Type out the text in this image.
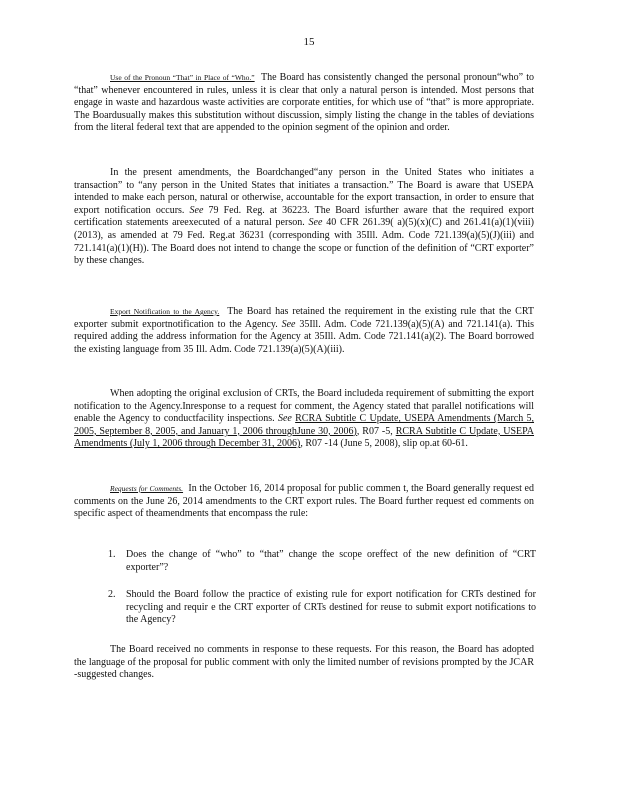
15

Use of the Pronoun “That” in Place of “Who.” The Board has consistently changed the personal pronoun“who” to “that” whenever encountered in rules, unless it is clear that only a natural person is intended. Most persons that engage in waste and hazardous waste activities are corporate entities, for which use of “that” is more appropriate. The Boardusually makes this substitution without discussion, simply listing the change in the tables of deviations from the literal federal text that are appended to the opinion segment of the opinion and order.

In the present amendments, the Boardchanged“any person in the United States who initiates a transaction” to “any person in the United States that initiates a transaction.” The Board is aware that USEPA intended to make each person, natural or otherwise, accountable for the export transaction, in order to ensure that export notification occurs. See 79 Fed. Reg. at 36223. The Board isfurther aware that the required export certification statements areexecuted of a natural person. See 40 CFR 261.39( a)(5)(x)(C) and 261.41(a)(1)(viii) (2013), as amended at 79 Fed. Reg.at 36231 (corresponding with 35Ill. Adm. Code 721.139(a)(5)(J)(iii) and 721.141(a)(1)(H)). The Board does not intend to change the scope or function of the definition of “CRT exporter” by these changes.

Export Notification to the Agency. The Board has retained the requirement in the existing rule that the CRT exporter submit exportnotification to the Agency. See 35Ill. Adm. Code 721.139(a)(5)(A) and 721.141(a). This required adding the address information for the Agency at 35Ill. Adm. Code 721.141(a)(2). The Board borrowed the existing language from 35 Ill. Adm. Code 721.139(a)(5)(A)(iii).

When adopting the original exclusion of CRTs, the Board includeda requirement of submitting the export notification to the Agency.Inresponse to a request for comment, the Agency stated that parallel notifications will enable the Agency to conductfacility inspections. See RCRA Subtitle C Update, USEPA Amendments (March 5, 2005, September 8, 2005, and January 1, 2006 throughJune 30, 2006), R07 -5, RCRA Subtitle C Update, USEPA Amendments (July 1, 2006 through December 31, 2006), R07 -14 (June 5, 2008), slip op.at 60-61.

Requests for Comments. In the October 16, 2014 proposal for public commen t, the Board generally request ed comments on the June 26, 2014 amendments to the CRT export rules. The Board further request ed comments on specific aspect of theamendments that encompass the rule:

1. Does the change of “who” to “that” change the scope oreffect of the new definition of “CRT exporter”?
2. Should the Board follow the practice of existing rule for export notification for CRTs destined for recycling and requir e the CRT exporter of CRTs destined for reuse to submit export notifications to the Agency?

The Board received no comments in response to these requests. For this reason, the Board has adopted the language of the proposal for public comment with only the limited number of revisions prompted by the JCAR -suggested changes.
